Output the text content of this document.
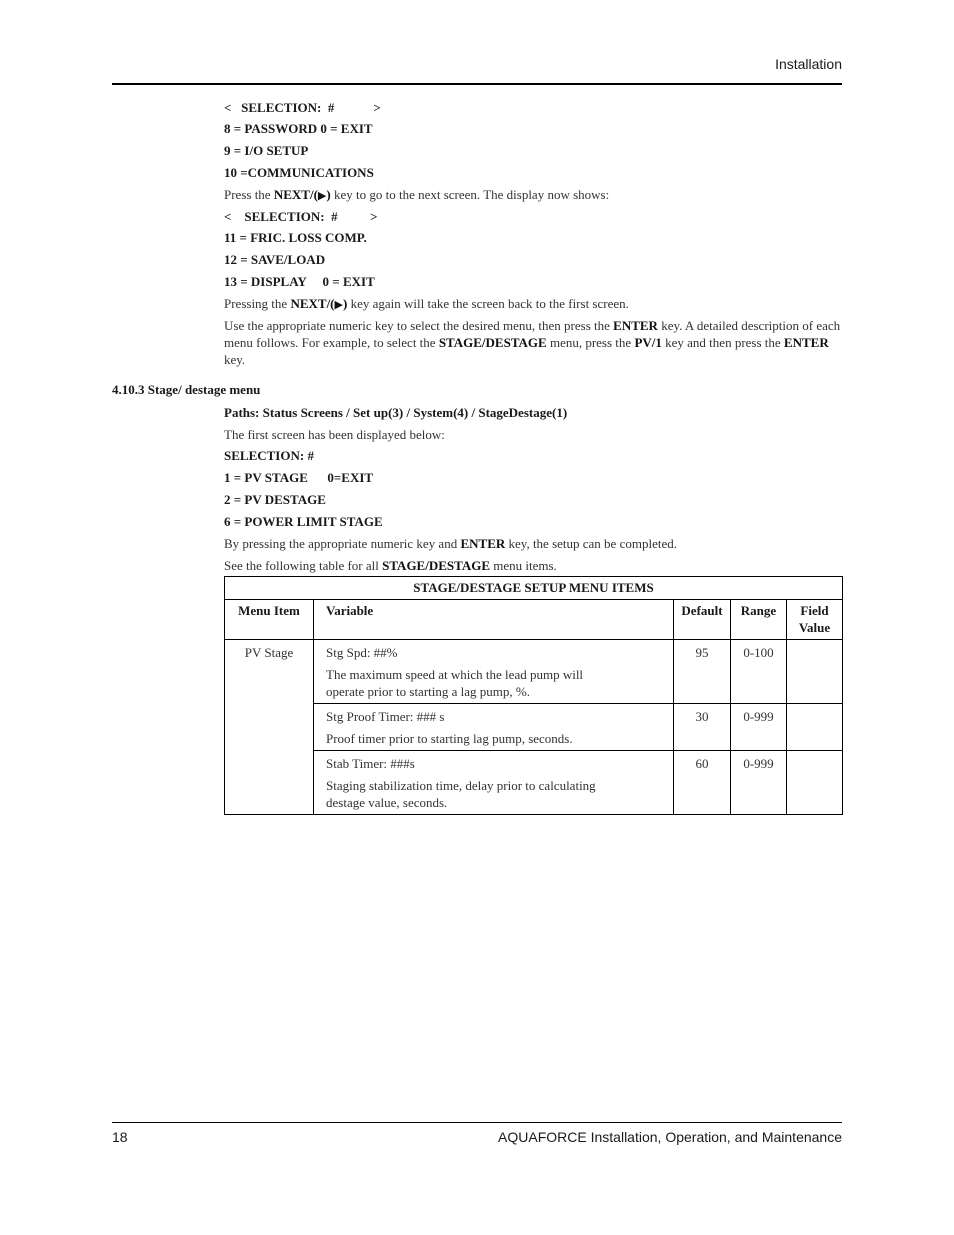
Installation
<   SELECTION:  #            >
8 = PASSWORD 0 = EXIT
9 = I/O SETUP
10 =COMMUNICATIONS
Press the NEXT/(▶) key to go to the next screen. The display now shows:
<    SELECTION:  #          >
11 = FRIC. LOSS COMP.
12 = SAVE/LOAD
13 = DISPLAY     0 = EXIT
Pressing the NEXT/(▶) key again will take the screen back to the first screen.
Use the appropriate numeric key to select the desired menu, then press the ENTER key. A detailed description of each menu follows. For example, to select the STAGE/DESTAGE menu, press the PV/1 key and then press the ENTER key.
4.10.3 Stage/ destage menu
Paths: Status Screens / Set up(3) / System(4) / StageDestage(1)
The first screen has been displayed below:
SELECTION: #
1 = PV STAGE      0=EXIT
2 = PV DESTAGE
6 = POWER LIMIT STAGE
By pressing the appropriate numeric key and ENTER key, the setup can be completed.
See the following table for all STAGE/DESTAGE menu items.
STAGE/DESTAGE SETUP MENU ITEMS				
Menu Item	Variable	Default	Range	Field
Value
PV Stage	Stg Spd: ##%
The maximum speed at which the lead pump will
operate prior to starting a lag pump, %.	95	0-100	

	Stg Proof Timer: ### s
Proof timer prior to starting lag pump, seconds.	30	0-999	

	Stab Timer: ###s
Staging stabilization time, delay prior to calculating
destage value, seconds.	60	0-999	
18	AQUAFORCE Installation, Operation, and Maintenance
